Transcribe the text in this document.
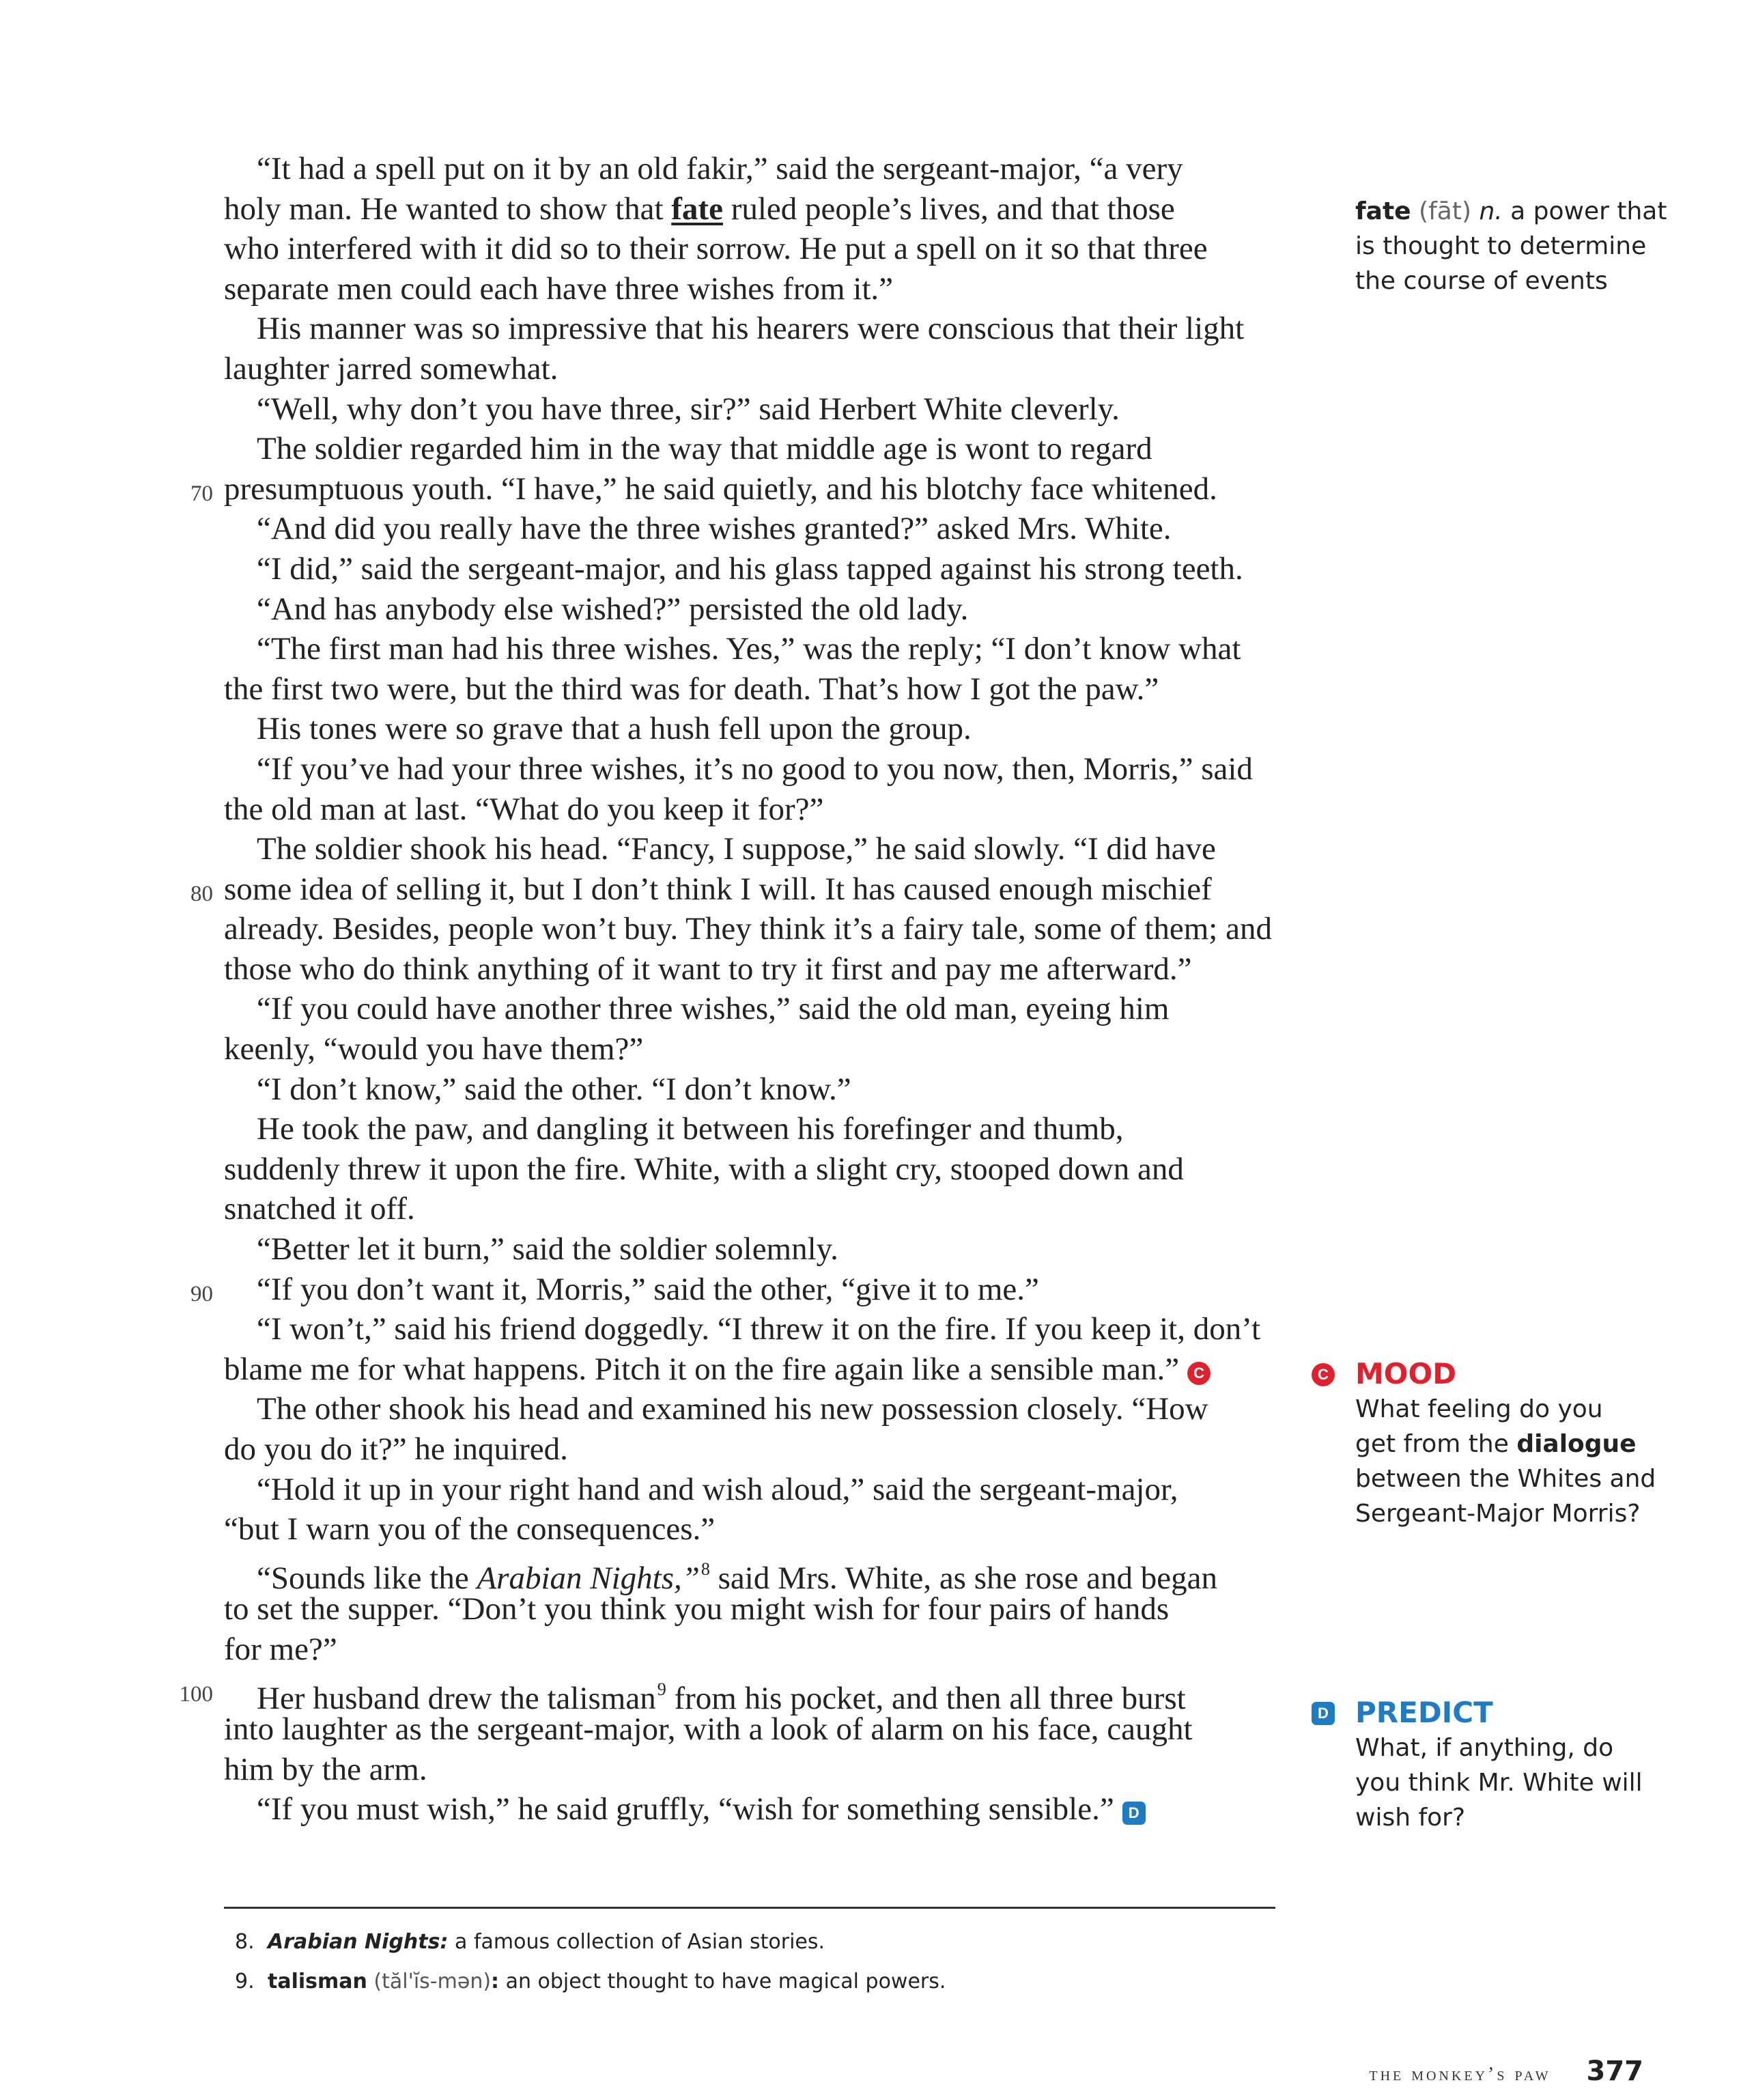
“It had a spell put on it by an old fakir,” said the sergeant-major, “a very
holy man. He wanted to show that fate ruled people’s lives, and that those
who interfered with it did so to their sorrow. He put a spell on it so that three
separate men could each have three wishes from it.”
His manner was so impressive that his hearers were conscious that their light
laughter jarred somewhat.
“Well, why don’t you have three, sir?” said Herbert White cleverly.
The soldier regarded him in the way that middle age is wont to regard
70 presumptuous youth. “I have,” he said quietly, and his blotchy face whitened.
“And did you really have the three wishes granted?” asked Mrs. White.
“I did,” said the sergeant-major, and his glass tapped against his strong teeth.
“And has anybody else wished?” persisted the old lady.
“The first man had his three wishes. Yes,” was the reply; “I don’t know what
the first two were, but the third was for death. That’s how I got the paw.”
His tones were so grave that a hush fell upon the group.
“If you’ve had your three wishes, it’s no good to you now, then, Morris,” said
the old man at last. “What do you keep it for?”
The soldier shook his head. “Fancy, I suppose,” he said slowly. “I did have
80 some idea of selling it, but I don’t think I will. It has caused enough mischief
already. Besides, people won’t buy. They think it’s a fairy tale, some of them; and
those who do think anything of it want to try it first and pay me afterward.”
“If you could have another three wishes,” said the old man, eyeing him
keenly, “would you have them?”
“I don’t know,” said the other. “I don’t know.”
He took the paw, and dangling it between his forefinger and thumb,
suddenly threw it upon the fire. White, with a slight cry, stooped down and
snatched it off.
“Better let it burn,” said the soldier solemnly.
90 “If you don’t want it, Morris,” said the other, “give it to me.”
“I won’t,” said his friend doggedly. “I threw it on the fire. If you keep it, don’t
blame me for what happens. Pitch it on the fire again like a sensible man.” C
The other shook his head and examined his new possession closely. “How
do you do it?” he inquired.
“Hold it up in your right hand and wish aloud,” said the sergeant-major,
“but I warn you of the consequences.”
“Sounds like the Arabian Nights,”$^8$ said Mrs. White, as she rose and began
to set the supper. “Don’t you think you might wish for four pairs of hands
for me?”
100 Her husband drew the talisman$^9$ from his pocket, and then all three burst
into laughter as the sergeant-major, with a look of alarm on his face, caught
him by the arm.
“If you must wish,” he said gruffly, “wish for something sensible.” D
fate (fāt) n. a power that
is thought to determine
the course of events
C MOOD
What feeling do you
get from the dialogue
between the Whites and
Sergeant-Major Morris?
D PREDICT
What, if anything, do
you think Mr. White will
wish for?
8. Arabian Nights: a famous collection of Asian stories.
9. talisman (tăl'ĭs-mən): an object thought to have magical powers.
the monkey’s paw 377
